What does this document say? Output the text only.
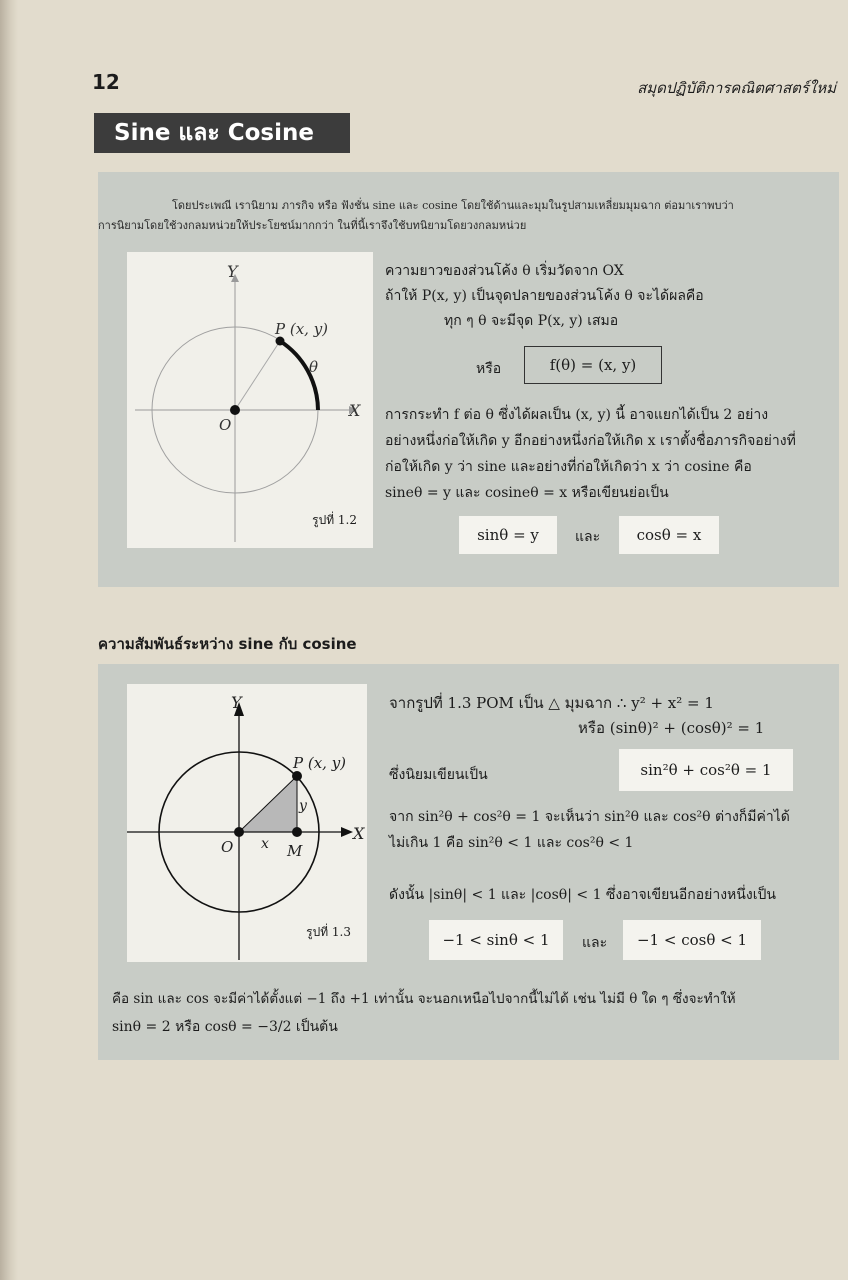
12	สมุดปฏิบัติการคณิตศาสตร์ใหม่
Sine และ Cosine
โดยประเพณี เรานิยาม ภารกิจ หรือ ฟังชั่น sine และ cosine โดยใช้ด้านและมุมในรูปสามเหลี่ยมมุมฉาก ต่อมาเราพบว่า
การนิยามโดยใช้วงกลมหน่วยให้ประโยชน์มากกว่า ในที่นี้เราจึงใช้บทนิยามโดยวงกลมหน่วย
Y
X
O
P (x, y)
θ
รูปที่ 1.2
ความยาวของส่วนโค้ง θ เริ่มวัดจาก OX
ถ้าให้ P(x, y) เป็นจุดปลายของส่วนโค้ง θ จะได้ผลคือ
ทุก ๆ θ จะมีจุด P(x, y) เสมอ
หรือ	f(θ) = (x, y)
การกระทำ f ต่อ θ ซึ่งได้ผลเป็น (x, y) นี้ อาจแยกได้เป็น 2 อย่าง
อย่างหนึ่งก่อให้เกิด y อีกอย่างหนึ่งก่อให้เกิด x เราตั้งชื่อภารกิจอย่างที่
ก่อให้เกิด y ว่า sine และอย่างที่ก่อให้เกิดว่า x ว่า cosine คือ
sineθ = y และ cosineθ = x หรือเขียนย่อเป็น
sinθ = y	และ	cosθ = x
ความสัมพันธ์ระหว่าง sine กับ cosine
Y
X
O	M
P (x, y)
x
y
รูปที่ 1.3
จากรูปที่ 1.3 POM เป็น △ มุมฉาก ∴ y² + x² = 1
หรือ (sinθ)² + (cosθ)² = 1
ซึ่งนิยมเขียนเป็น	sin²θ + cos²θ = 1
จาก sin²θ + cos²θ = 1 จะเห็นว่า sin²θ และ cos²θ ต่างก็มีค่าได้
ไม่เกิน 1 คือ sin²θ < 1 และ cos²θ < 1
ดังนั้น |sinθ| < 1 และ |cosθ| < 1 ซึ่งอาจเขียนอีกอย่างหนึ่งเป็น
−1 < sinθ < 1	และ	−1 < cosθ < 1
คือ sin และ cos จะมีค่าได้ตั้งแต่ −1 ถึง +1 เท่านั้น จะนอกเหนือไปจากนี้ไม่ได้ เช่น ไม่มี θ ใด ๆ ซึ่งจะทำให้
sinθ = 2 หรือ cosθ = −3/2 เป็นต้น
